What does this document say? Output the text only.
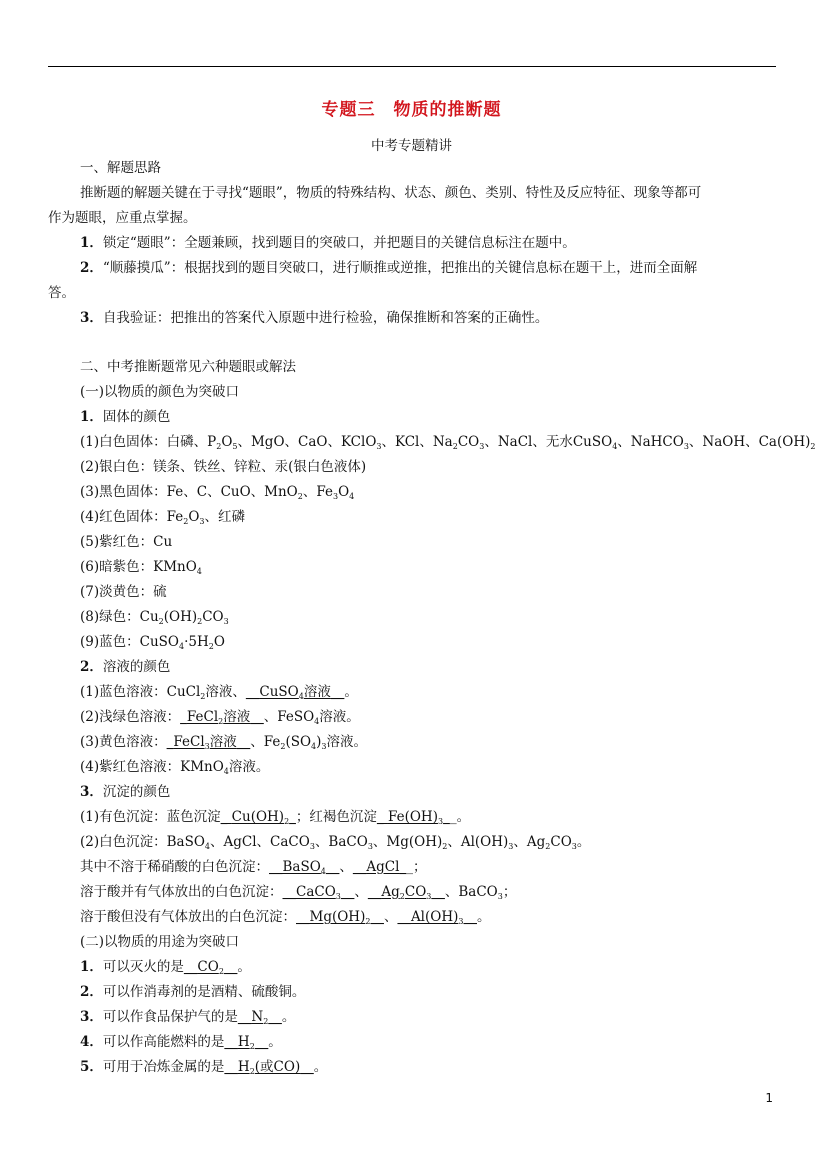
专题三　物质的推断题
中考专题精讲
一、解题思路
推断题的解题关键在于寻找“题眼”，物质的特殊结构、状态、颜色、类别、特性及反应特征、现象等都可
作为题眼，应重点掌握。
1．锁定“题眼”：全题兼顾，找到题目的突破口，并把题目的关键信息标注在题中。
2．“顺藤摸瓜”：根据找到的题目突破口，进行顺推或逆推，把推出的关键信息标在题干上，进而全面解
答。
3．自我验证：把推出的答案代入原题中进行检验，确保推断和答案的正确性。
二、中考推断题常见六种题眼或解法
(一)以物质的颜色为突破口
1．固体的颜色
(1)白色固体：白磷、$P_2O_5$、MgO、CaO、KClO$_3$、KCl、$Na_2CO_3$、NaCl、无水CuSO$_4$、NaHCO$_3$、NaOH、$Ca(OH)_2$
(2)银白色：镁条、铁丝、锌粒、汞(银白色液体)
(3)黑色固体：Fe、C、CuO、MnO$_2$、$Fe_3O_4$
(4)红色固体：$Fe_2O_3$、红磷
(5)紫红色：Cu
(6)暗紫色：KMnO$_4$
(7)淡黄色：硫
(8)绿色：$Cu_2(OH)_2CO_3$
(9)蓝色：$CuSO_4\cdot 5H_2O$
2．溶液的颜色
(1)蓝色溶液：CuCl$_2$溶液、__CuSO$_4$溶液__。
(2)浅绿色溶液：_FeCl$_2$溶液__、FeSO$_4$溶液。
(3)黄色溶液：_FeCl$_3$溶液__、$Fe_2(SO_4)_3$溶液。
(4)紫红色溶液：KMnO$_4$溶液。
3．沉淀的颜色
(1)有色沉淀：蓝色沉淀_ $Cu(OH)_2\_$；红褐色沉淀_ $Fe(OH)_3\_\_$。
(2)白色沉淀：BaSO$_4$、AgCl、CaCO$_3$、BaCO$_3$、$Mg(OH)_2$、$Al(OH)_3$、$Ag_2CO_3$。
其中不溶于稀硝酸的白色沉淀：__BaSO$_4$__、__AgCl__；
溶于酸并有气体放出的白色沉淀：__CaCO$_3$__、$\_\_Ag_2CO_3\_\_$、BaCO$_3$；
溶于酸但没有气体放出的白色沉淀：$\_\_Mg(OH)_2\_\_$、$\_\_Al(OH)_3\_\_$。
(二)以物质的用途为突破口
1．可以灭火的是$\_\_CO_2\_\_$。
2．可以作消毒剂的是酒精、硫酸铜。
3．可以作食品保护气的是$\_\_N_2\_\_$。
4．可以作高能燃料的是$\_\_H_2\_\_$。
5．可用于冶炼金属的是$\_\_H_2$(或CO)__。
1
